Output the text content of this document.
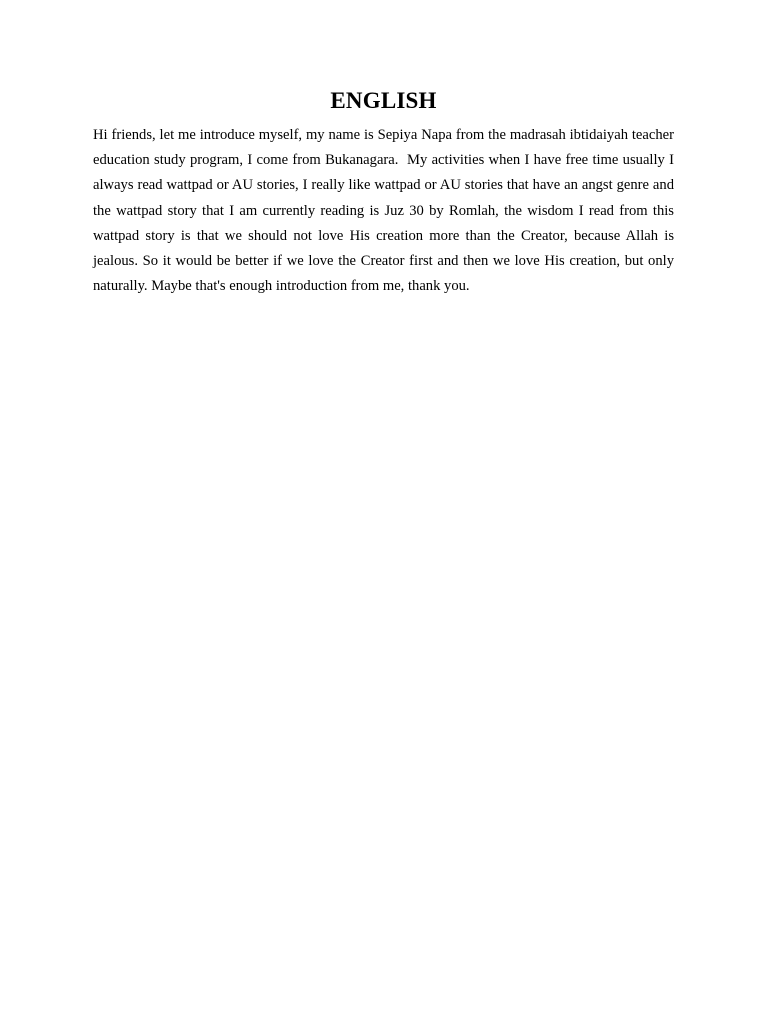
ENGLISH

Hi friends, let me introduce myself, my name is Sepiya Napa from the madrasah ibtidaiyah teacher education study program, I come from Bukanagara.  My activities when I have free time usually I always read wattpad or AU stories, I really like wattpad or AU stories that have an angst genre and the wattpad story that I am currently reading is Juz 30 by Romlah, the wisdom I read from this wattpad story is that we should not love His creation more than the Creator, because Allah is jealous. So it would be better if we love the Creator first and then we love His creation, but only naturally. Maybe that's enough introduction from me, thank you.
